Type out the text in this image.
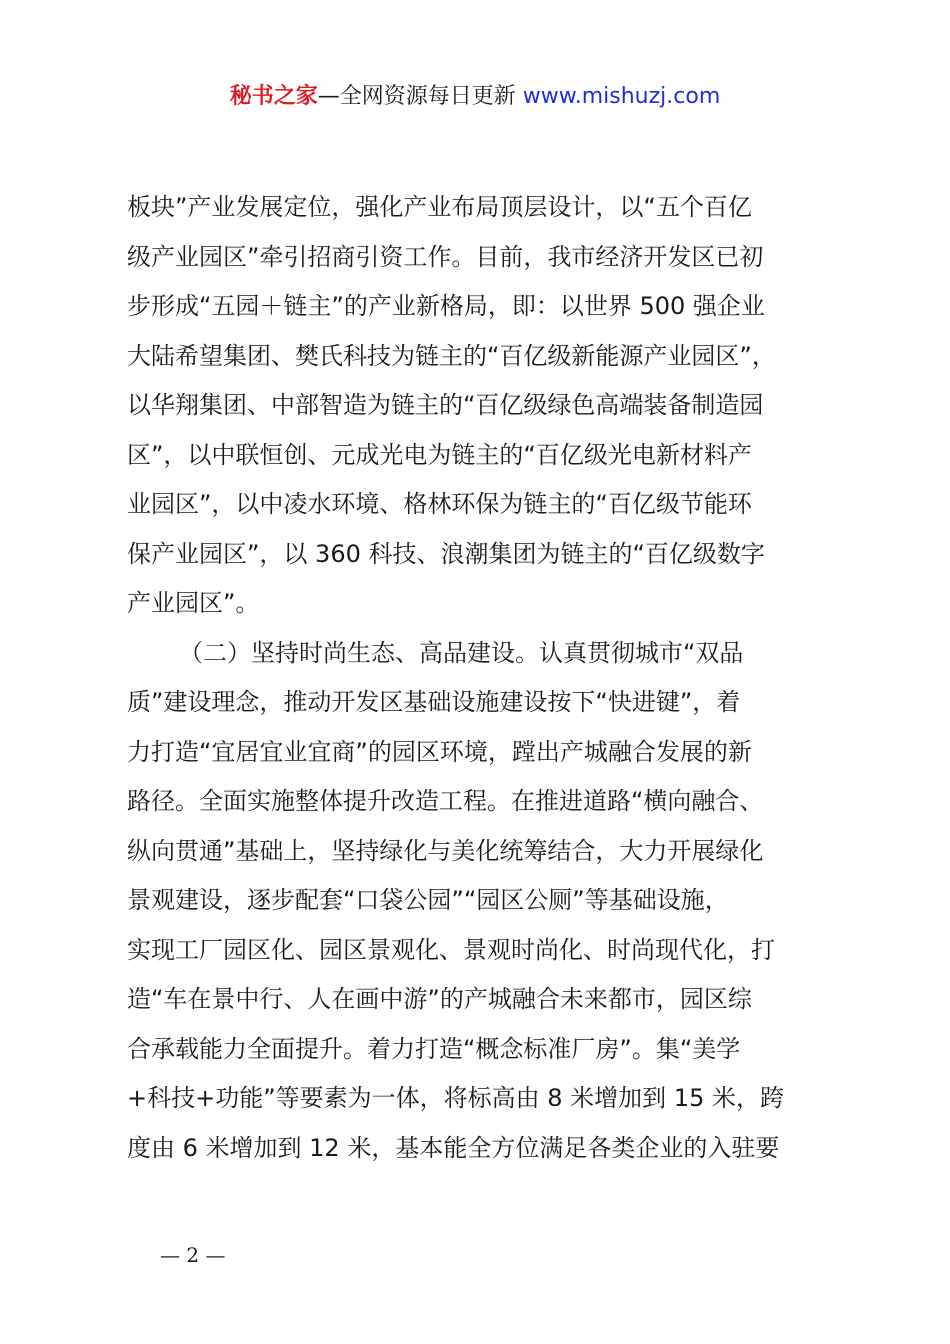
秘书之家—全网资源每日更新 www.mishuzj.com
板块”产业发展定位，强化产业布局顶层设计，以“五个百亿
级产业园区”牵引招商引资工作。目前，我市经济开发区已初
步形成“五园＋链主”的产业新格局，即：以世界 500 强企业
大陆希望集团、樊氏科技为链主的“百亿级新能源产业园区”，
以华翔集团、中部智造为链主的“百亿级绿色高端装备制造园
区”，以中联恒创、元成光电为链主的“百亿级光电新材料产
业园区”，以中凌水环境、格林环保为链主的“百亿级节能环
保产业园区”，以 360 科技、浪潮集团为链主的“百亿级数字
产业园区”。
（二）坚持时尚生态、高品建设。认真贯彻城市“双品
质”建设理念，推动开发区基础设施建设按下“快进键”，着
力打造“宜居宜业宜商”的园区环境，蹚出产城融合发展的新
路径。全面实施整体提升改造工程。在推进道路“横向融合、
纵向贯通”基础上，坚持绿化与美化统筹结合，大力开展绿化
景观建设，逐步配套“口袋公园”“园区公厕”等基础设施，
实现工厂园区化、园区景观化、景观时尚化、时尚现代化，打
造“车在景中行、人在画中游”的产城融合未来都市，园区综
合承载能力全面提升。着力打造“概念标准厂房”。集“美学
+科技+功能”等要素为一体，将标高由 8 米增加到 15 米，跨
度由 6 米增加到 12 米，基本能全方位满足各类企业的入驻要
— 2 —
